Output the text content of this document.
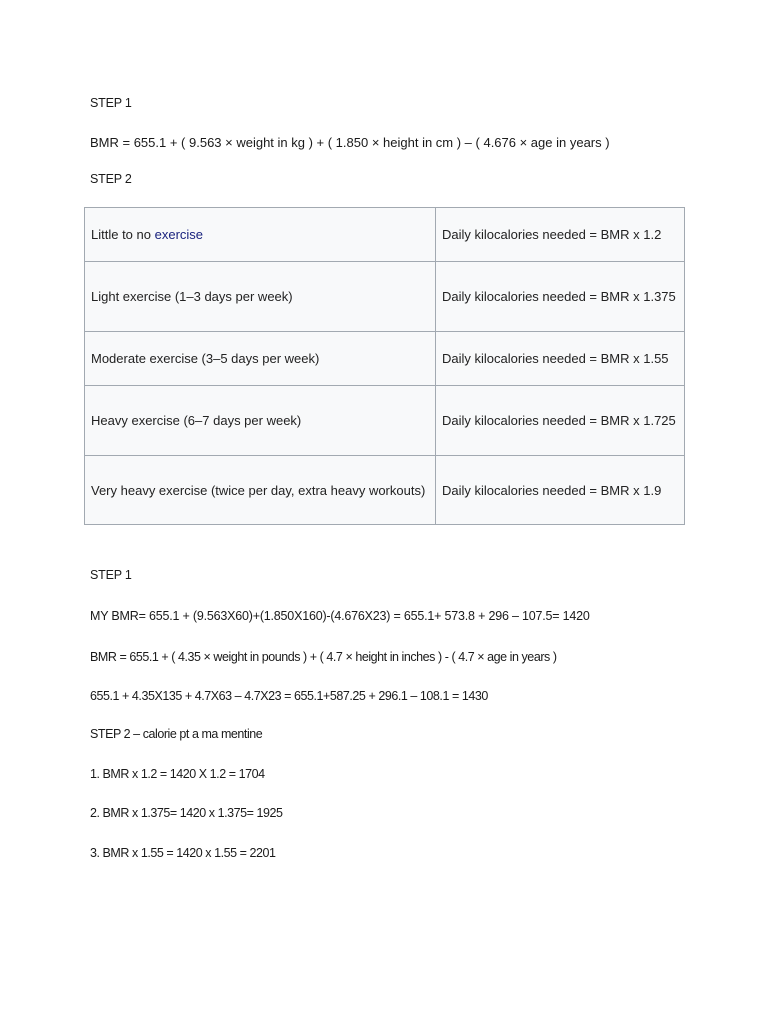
STEP 1
BMR = 655.1 + ( 9.563 × weight in kg ) + ( 1.850 × height in cm ) – ( 4.676 × age in years )
STEP 2
Little to no exercise	Daily kilocalories needed = BMR x 1.2
Light exercise (1–3 days per week)	Daily kilocalories needed = BMR x 1.375
Moderate exercise (3–5 days per week)	Daily kilocalories needed = BMR x 1.55
Heavy exercise (6–7 days per week)	Daily kilocalories needed = BMR x 1.725
Very heavy exercise (twice per day, extra heavy workouts)	Daily kilocalories needed = BMR x 1.9
STEP 1
MY BMR= 655.1 + (9.563X60)+(1.850X160)-(4.676X23) = 655.1+ 573.8 + 296 – 107.5= 1420
BMR = 655.1 + ( 4.35 × weight in pounds ) + ( 4.7 × height in inches ) - ( 4.7 × age in years )
655.1 + 4.35X135 + 4.7X63 – 4.7X23 = 655.1+587.25 + 296.1 – 108.1 = 1430
STEP 2 – calorie pt a ma mentine
1. BMR x 1.2 = 1420 X 1.2 = 1704
2. BMR x 1.375= 1420 x 1.375= 1925
3. BMR x 1.55 = 1420 x 1.55 = 2201
